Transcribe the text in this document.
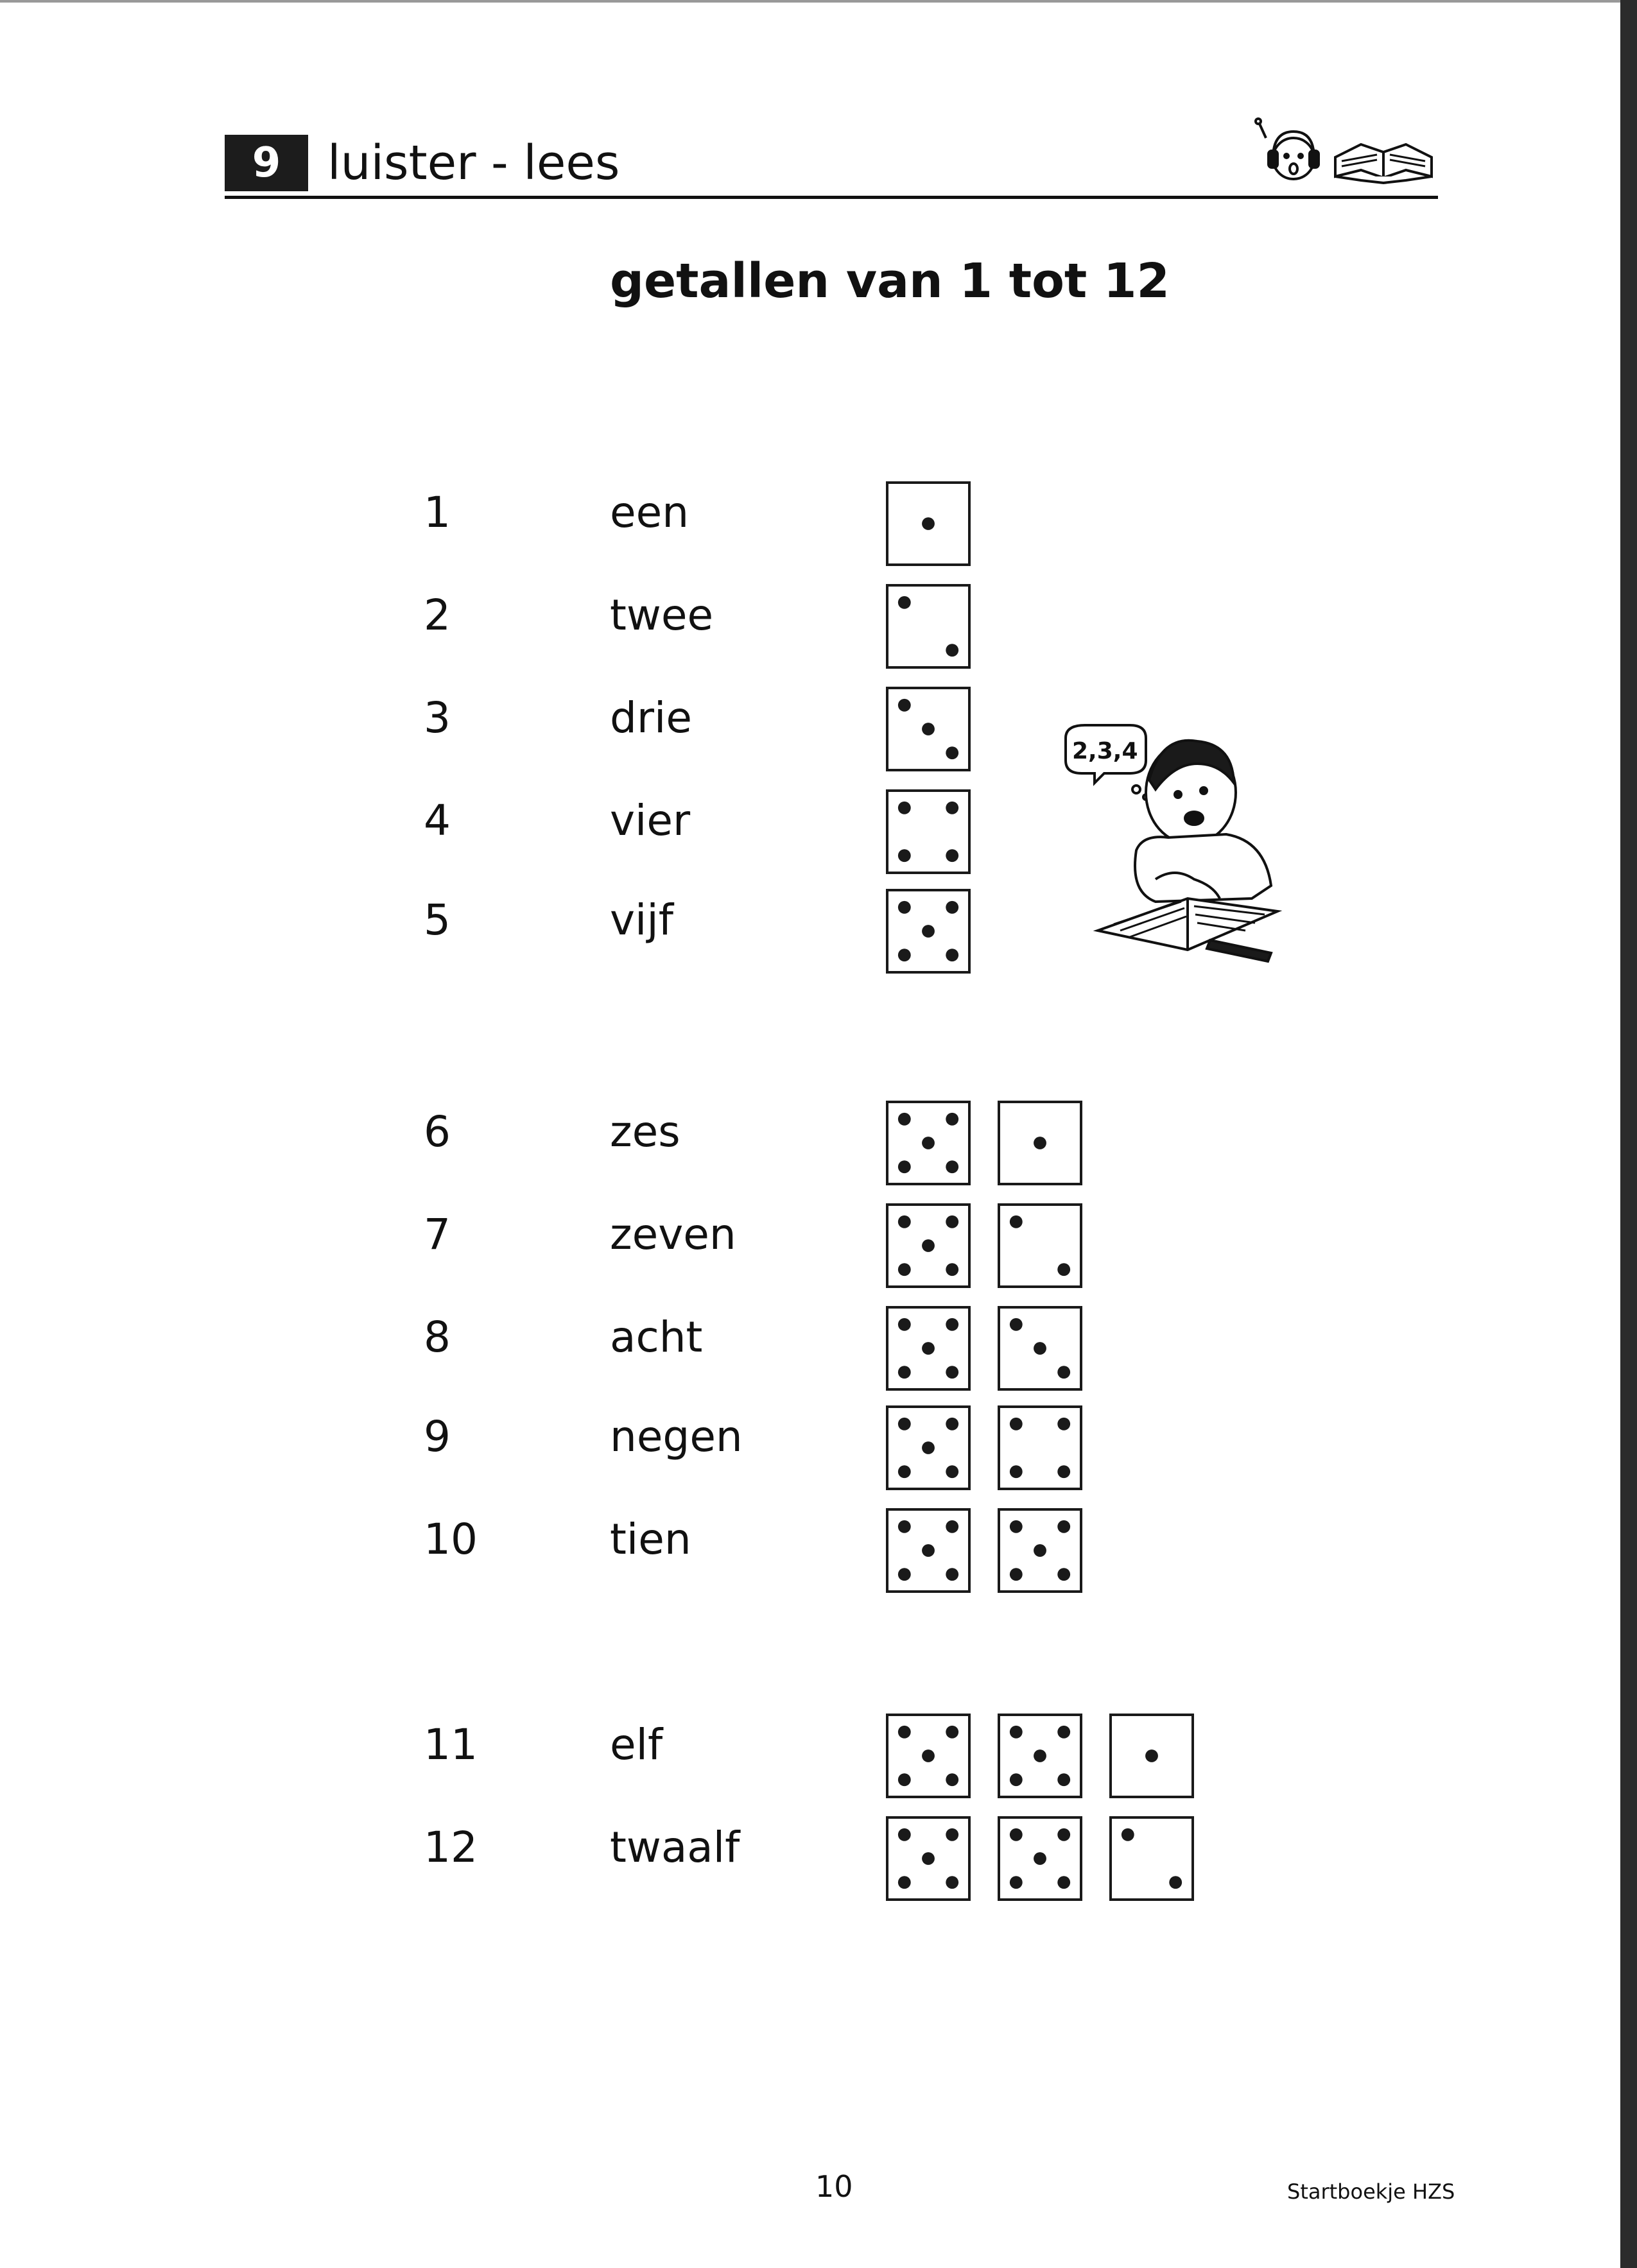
9 luister - lees
getallen van 1 tot 12
1	een
2	twee
3	drie
4	vier
5	vijf
6	zes
7	zeven
8	acht
9	negen
10	tien
11	elf
12	twaalf
2,3,4
10	Startboekje HZS
